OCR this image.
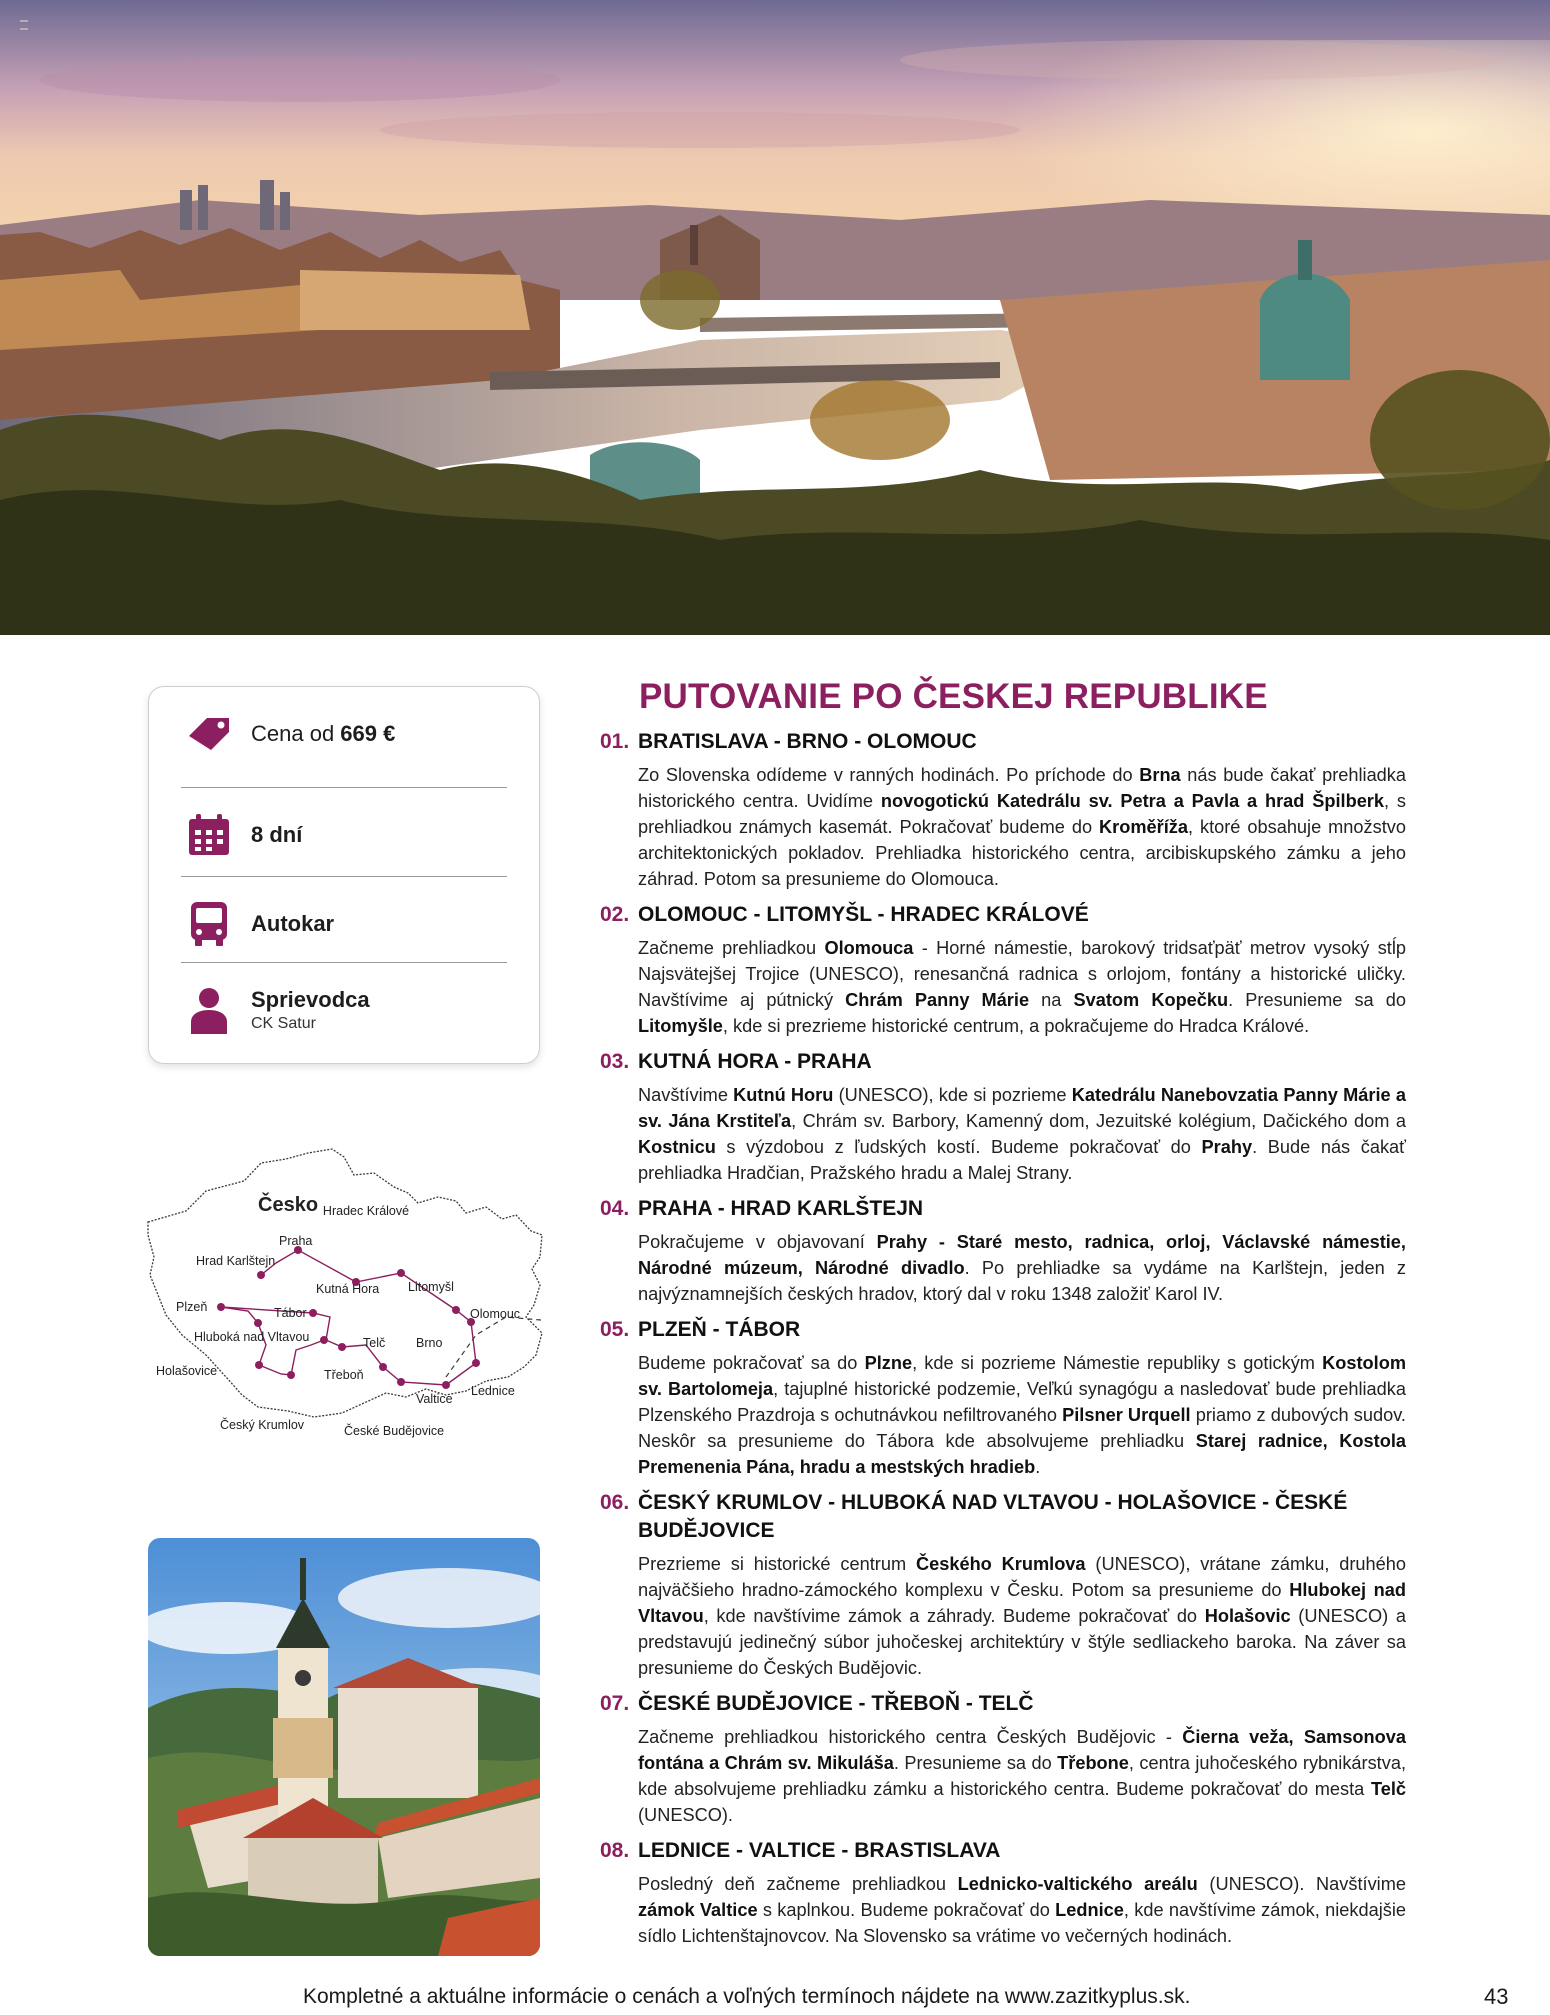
Cena od 669 €
8 dní
Autokar
Sprievodca
CK Satur
Česko Hradec Králové
Praha
Hrad Karlštejn
Kutná Hora Litomyšl
Plzeň	Tábor	Olomouc
Hluboká nad Vltavou
Holašovice
Telč Brno
Třeboň
Lednice
Valtice
Český Krumlov	České Budějovice
PUTOVANIE PO ČESKEJ REPUBLIKE
01. BRATISLAVA - BRNO - OLOMOUC

Zo Slovenska odídeme v ranných hodinách. Po príchode do Brna nás bude čakať prehliadka historického centra. Uvidíme novogotickú Katedrálu sv. Petra a Pavla a hrad Špilberk, s prehliadkou známych kasemát. Pokračovať budeme do Kroměříža, ktoré obsahuje množstvo architektonických pokladov. Prehliadka historického centra, arcibiskupského zámku a jeho záhrad. Potom sa presunieme do Olomouca.

02. OLOMOUC - LITOMYŠL - HRADEC KRÁLOVÉ

Začneme prehliadkou Olomouca - Horné námestie, barokový tridsaťpäť metrov vysoký stĺp Najsvätejšej Trojice (UNESCO), renesančná radnica s orlojom, fontány a historické uličky. Navštívime aj pútnický Chrám Panny Márie na Svatom Kopečku. Presunieme sa do Litomyšle, kde si prezrieme historické centrum, a pokračujeme do Hradca Králové.

03. KUTNÁ HORA - PRAHA

Navštívime Kutnú Horu (UNESCO), kde si pozrieme Katedrálu Nanebovzatia Panny Márie a sv. Jána Krstiteľa, Chrám sv. Barbory, Kamenný dom, Jezuitské kolégium, Dačického dom a Kostnicu s výzdobou z ľudských kostí. Budeme pokračovať do Prahy. Bude nás čakať prehliadka Hradčian, Pražského hradu a Malej Strany.

04. PRAHA - HRAD KARLŠTEJN

Pokračujeme v objavovaní Prahy - Staré mesto, radnica, orloj, Václavské námestie, Národné múzeum, Národné divadlo. Po prehliadke sa vydáme na Karlštejn, jeden z najvýznamnejších českých hradov, ktorý dal v roku 1348 založiť Karol IV.

05. PLZEŇ - TÁBOR

Budeme pokračovať sa do Plzne, kde si pozrieme Námestie republiky s gotickým Kostolom sv. Bartolomeja, tajuplné historické podzemie, Veľkú synagógu a nasledovať bude prehliadka Plzenského Prazdroja s ochutnávkou nefiltrovaného Pilsner Urquell priamo z dubových sudov. Neskôr sa presunieme do Tábora kde absolvujeme prehliadku Starej radnice, Kostola Premenenia Pána, hradu a mestských hradieb.

06. ČESKÝ KRUMLOV - HLUBOKÁ NAD VLTAVOU - HOLAŠOVICE - ČESKÉ BUDĚJOVICE

Prezrieme si historické centrum Českého Krumlova (UNESCO), vrátane zámku, druhého najväčšieho hradno-zámockého komplexu v Česku. Potom sa presunieme do Hlubokej nad Vltavou, kde navštívime zámok a záhrady. Budeme pokračovať do Holašovic (UNESCO) a predstavujú jedinečný súbor juhočeskej architektúry v štýle sedliackeho baroka. Na záver sa presunieme do Českých Budějovic.

07. ČESKÉ BUDĚJOVICE - TŘEBOŇ - TELČ

Začneme prehliadkou historického centra Českých Budějovic - Čierna veža, Samsonova fontána a Chrám sv. Mikuláša. Presunieme sa do Třebone, centra juhočeského rybnikárstva, kde absolvujeme prehliadku zámku a historického centra. Budeme pokračovať do mesta Telč (UNESCO).

08. LEDNICE - VALTICE - BRASTISLAVA

Posledný deň začneme prehliadkou Lednicko-valtického areálu (UNESCO). Navštívime zámok Valtice s kaplnkou. Budeme pokračovať do Lednice, kde navštívime zámok, niekdajšie sídlo Lichtenštajnovcov. Na Slovensko sa vrátime vo večerných hodinách.

Kompletné a aktuálne informácie o cenách a voľných termínoch nájdete na www.zazitkyplus.sk.	43
